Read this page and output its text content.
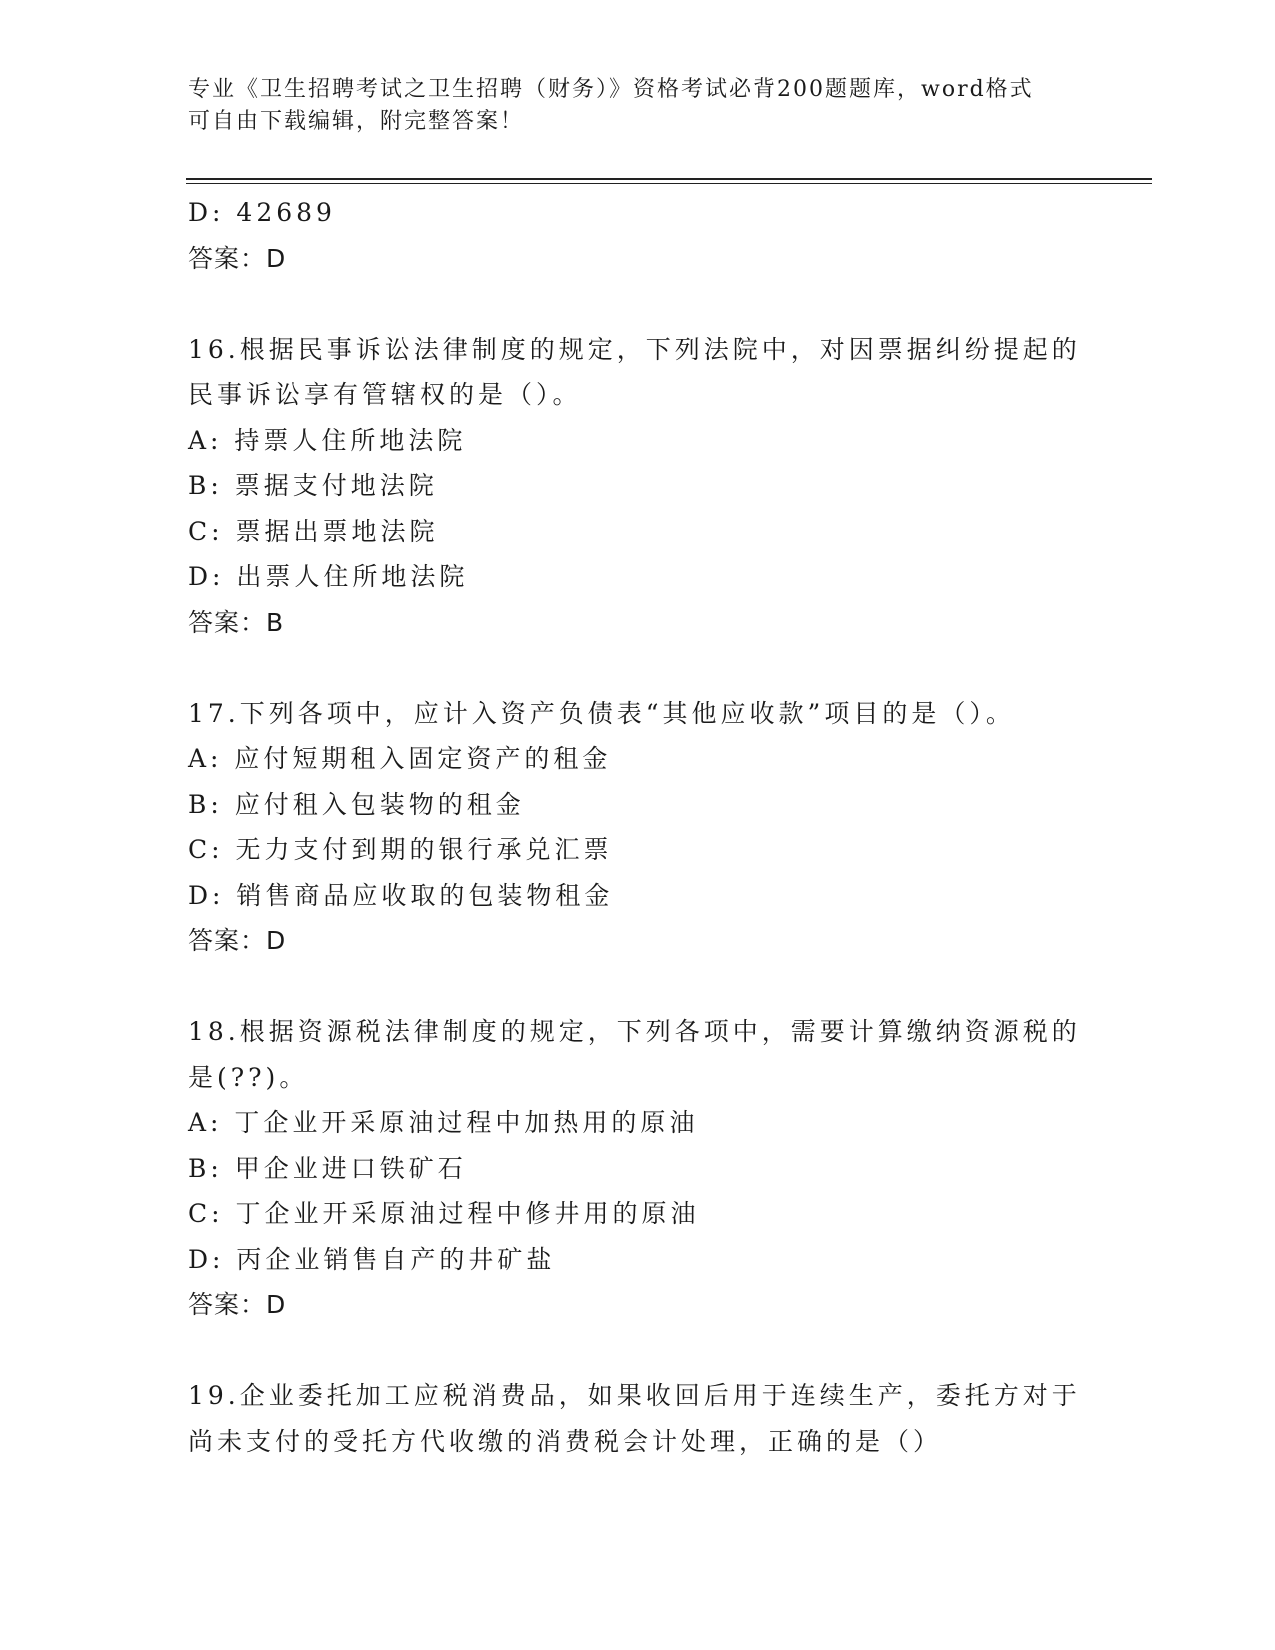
专业《卫生招聘考试之卫生招聘（财务）》资格考试必背200题题库，word格式
可自由下载编辑，附完整答案！
D: 42689
答案：D
16.根据民事诉讼法律制度的规定，下列法院中，对因票据纠纷提起的
民事诉讼享有管辖权的是（）。
A: 持票人住所地法院
B: 票据支付地法院
C: 票据出票地法院
D: 出票人住所地法院
答案：B
17.下列各项中，应计入资产负债表“其他应收款”项目的是（）。
A: 应付短期租入固定资产的租金
B: 应付租入包装物的租金
C: 无力支付到期的银行承兑汇票
D: 销售商品应收取的包装物租金
答案：D
18.根据资源税法律制度的规定，下列各项中，需要计算缴纳资源税的
是(??)。
A: 丁企业开采原油过程中加热用的原油
B: 甲企业进口铁矿石
C: 丁企业开采原油过程中修井用的原油
D: 丙企业销售自产的井矿盐
答案：D
19.企业委托加工应税消费品，如果收回后用于连续生产，委托方对于
尚未支付的受托方代收缴的消费税会计处理，正确的是（）
